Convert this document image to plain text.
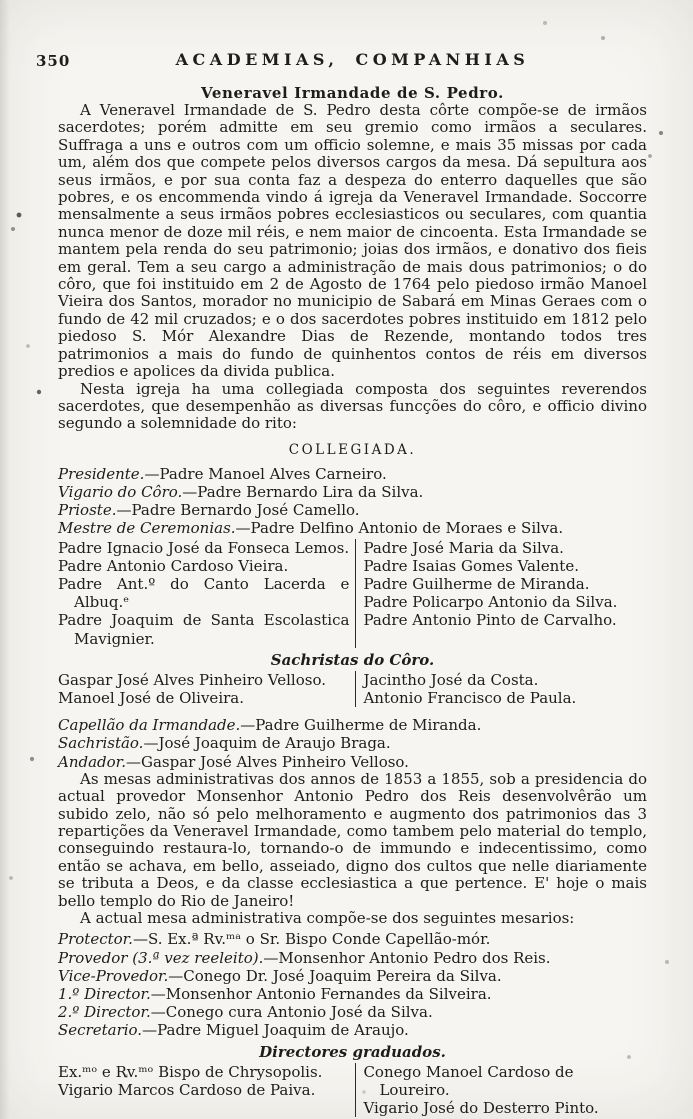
350	ACADEMIAS, COMPANHIAS
Veneravel Irmandade de S. Pedro.

A Veneravel Irmandade de S. Pedro desta côrte compõe-se de irmãos sacerdotes; porém admitte em seu gremio como irmãos a seculares. Suffraga a uns e outros com um officio solemne, e mais 35 missas por cada um, além dos que compete pelos diversos cargos da mesa. Dá sepultura aos seus irmãos, e por sua conta faz a despeza do enterro daquelles que são pobres, e os encommenda vindo á igreja da Veneravel Irmandade. Soccorre mensalmente a seus irmãos pobres ecclesiasticos ou seculares, com quantia nunca menor de doze mil réis, e nem maior de cincoenta. Esta Irmandade se mantem pela renda do seu patrimonio; joias dos irmãos, e donativo dos fieis em geral. Tem a seu cargo a administração de mais dous patrimonios; o do côro, que foi instituido em 2 de Agosto de 1764 pelo piedoso irmão Manoel Vieira dos Santos, morador no municipio de Sabará em Minas Geraes com o fundo de 42 mil cruzados; e o dos sacerdotes pobres instituido em 1812 pelo piedoso S. Mór Alexandre Dias de Rezende, montando todos tres patrimonios a mais do fundo de quinhentos contos de réis em diversos predios e apolices da divida publica.

Nesta igreja ha uma collegiada composta dos seguintes reverendos sacerdotes, que desempenhão as diversas funcções do côro, e officio divino segundo a solemnidade do rito:

COLLEGIADA.

Presidente.—Padre Manoel Alves Carneiro.

Vigario do Côro.—Padre Bernardo Lira da Silva.

Prioste.—Padre Bernardo José Camello.

Mestre de Ceremonias.—Padre Delfino Antonio de Moraes e Silva.

Padre Ignacio José da Fonseca Lemos.
Padre Antonio Cardoso Vieira.
Padre Ant.º do Canto Lacerda e Albuq.ᵉ
Padre Joaquim de Santa Escolastica Mavignier.
Padre José Maria da Silva.
Padre Isaias Gomes Valente.
Padre Guilherme de Miranda.
Padre Policarpo Antonio da Silva.
Padre Antonio Pinto de Carvalho.
Sachristas do Côro.
Gaspar José Alves Pinheiro Velloso.
Manoel José de Oliveira.
Jacintho José da Costa.
Antonio Francisco de Paula.

Capellão da Irmandade.—Padre Guilherme de Miranda.

Sachristão.—José Joaquim de Araujo Braga.

Andador.—Gaspar José Alves Pinheiro Velloso.

As mesas administrativas dos annos de 1853 a 1855, sob a presidencia do actual provedor Monsenhor Antonio Pedro dos Reis desenvolvêrão um subido zelo, não só pelo melhoramento e augmento dos patrimonios das 3 repartições da Veneravel Irmandade, como tambem pelo material do templo, conseguindo restaura-lo, tornando-o de immundo e indecentissimo, como então se achava, em bello, asseiado, digno dos cultos que nelle diariamente se tributa a Deos, e da classe ecclesiastica a que pertence. E' hoje o mais bello templo do Rio de Janeiro!

A actual mesa administrativa compõe-se dos seguintes mesarios:

Protector.—S. Ex.ª Rv.ᵐᵃ o Sr. Bispo Conde Capellão-mór.

Provedor (3.ª vez reeleito).—Monsenhor Antonio Pedro dos Reis.

Vice-Provedor.—Conego Dr. José Joaquim Pereira da Silva.

1.º Director.—Monsenhor Antonio Fernandes da Silveira.

2.º Director.—Conego cura Antonio José da Silva.

Secretario.—Padre Miguel Joaquim de Araujo.

Directores graduados.
Ex.ᵐᵒ e Rv.ᵐᵒ Bispo de Chrysopolis.
Vigario Marcos Cardoso de Paiva.
Conego Manoel Cardoso de Loureiro.
Vigario José do Desterro Pinto.
